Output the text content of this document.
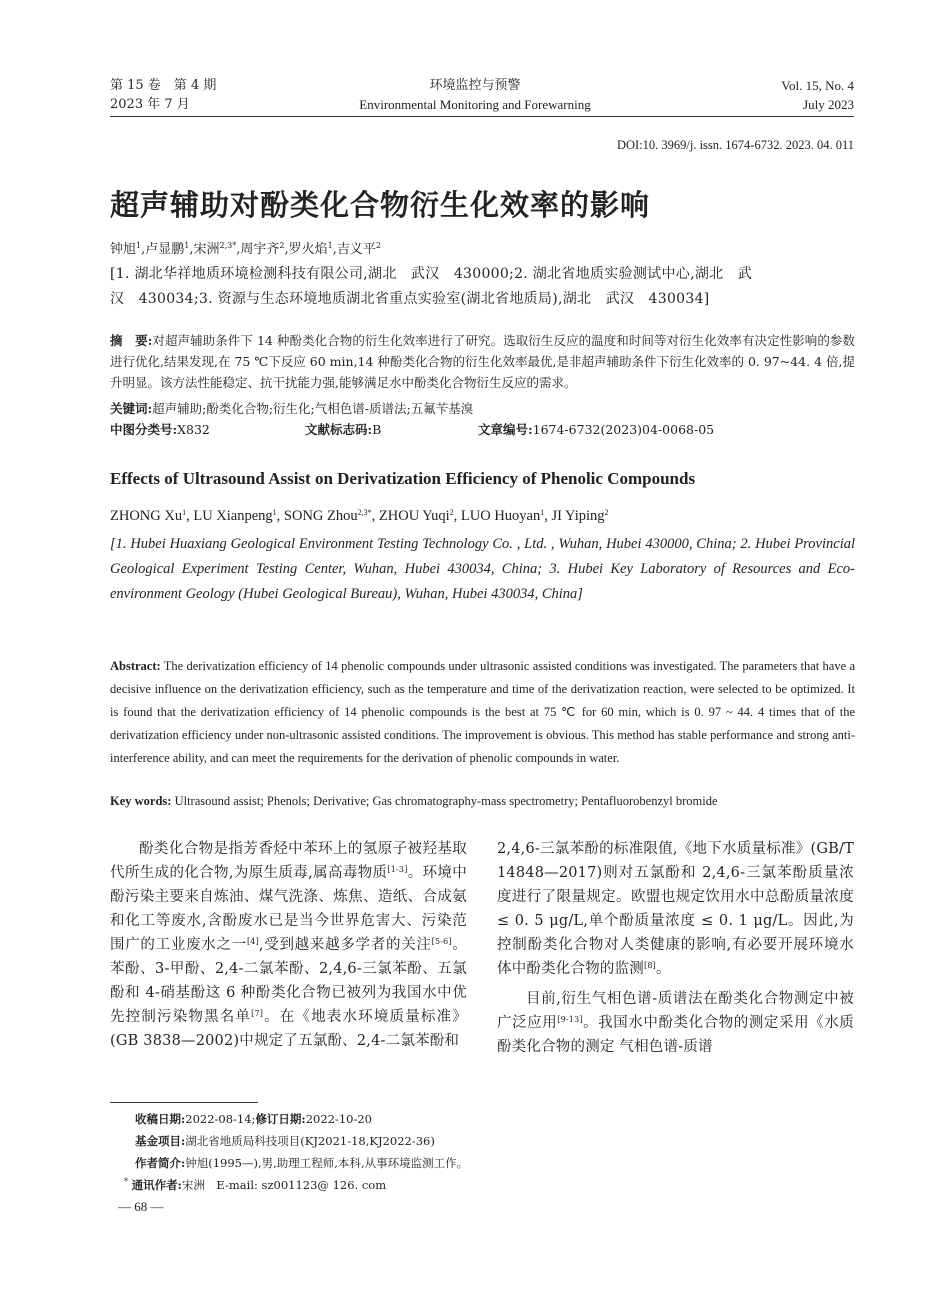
第 15 卷　第 4 期
2023 年 7 月
环境监控与预警
Environmental Monitoring and Forewarning
Vol. 15, No. 4
July 2023
DOI:10. 3969/j. issn. 1674-6732. 2023. 04. 011
超声辅助对酚类化合物衍生化效率的影响
钟旭$^1$,卢显鹏$^1$,宋洲$^{2,3*}$,周宇齐$^2$,罗火焰$^1$,吉义平$^2$
[1. 湖北华祥地质环境检测科技有限公司,湖北　武汉　430000;2. 湖北省地质实验测试中心,湖北　武
汉　430034;3. 资源与生态环境地质湖北省重点实验室(湖北省地质局),湖北　武汉　430034]
摘　要:对超声辅助条件下 14 种酚类化合物的衍生化效率进行了研究。选取衍生反应的温度和时间等对衍生化效率有决定性影响的参数进行优化,结果发现,在 75 ℃下反应 60 min,14 种酚类化合物的衍生化效率最优,是非超声辅助条件下衍生化效率的 0. 97~44. 4 倍,提升明显。该方法性能稳定、抗干扰能力强,能够满足水中酚类化合物衍生反应的需求。
关键词:超声辅助;酚类化合物;衍生化;气相色谱-质谱法;五氟苄基溴
中图分类号:X832	文献标志码:B	文章编号:1674-6732(2023)04-0068-05
Effects of Ultrasound Assist on Derivatization Efficiency of Phenolic Compounds
ZHONG Xu$^1$, LU Xianpeng$^1$, SONG Zhou$^{2,3*}$, ZHOU Yuqi$^2$, LUO Huoyan$^1$, JI Yiping$^2$
[1. Hubei Huaxiang Geological Environment Testing Technology Co. , Ltd. , Wuhan, Hubei 430000, China; 2. Hubei Provincial Geological Experiment Testing Center, Wuhan, Hubei 430034, China; 3. Hubei Key Laboratory of Resources and Eco-environment Geology (Hubei Geological Bureau), Wuhan, Hubei 430034, China]
Abstract: The derivatization efficiency of 14 phenolic compounds under ultrasonic assisted conditions was investigated. The parameters that have a decisive influence on the derivatization efficiency, such as the temperature and time of the derivatization reaction, were selected to be optimized. It is found that the derivatization efficiency of 14 phenolic compounds is the best at 75 ℃ for 60 min, which is 0. 97 ~ 44. 4 times that of the derivatization efficiency under non-ultrasonic assisted conditions. The improvement is obvious. This method has stable performance and strong anti-interference ability, and can meet the requirements for the derivation of phenolic compounds in water.
Key words: Ultrasound assist; Phenols; Derivative; Gas chromatography-mass spectrometry; Pentafluorobenzyl bromide

酚类化合物是指芳香烃中苯环上的氢原子被羟基取代所生成的化合物,为原生质毒,属高毒物质[1-3]。环境中酚污染主要来自炼油、煤气洗涤、炼焦、造纸、合成氨和化工等废水,含酚废水已是当今世界危害大、污染范围广的工业废水之一[4],受到越来越多学者的关注[5-6]。苯酚、3-甲酚、2,4-二氯苯酚、2,4,6-三氯苯酚、五氯酚和 4-硝基酚这 6 种酚类化合物已被列为我国水中优先控制污染物黑名单[7]。在《地表水环境质量标准》(GB 3838—2002)中规定了五氯酚、2,4-二氯苯酚和

2,4,6-三氯苯酚的标准限值,《地下水质量标准》(GB/T 14848—2017)则对五氯酚和 2,4,6-三氯苯酚质量浓度进行了限量规定。欧盟也规定饮用水中总酚质量浓度 ≤ 0. 5 μg/L,单个酚质量浓度 ≤ 0. 1 μg/L。因此,为控制酚类化合物对人类健康的影响,有必要开展环境水体中酚类化合物的监测[8]。

目前,衍生气相色谱-质谱法在酚类化合物测定中被广泛应用[9-13]。我国水中酚类化合物的测定采用《水质 酚类化合物的测定 气相色谱-质谱

收稿日期:2022-08-14;修订日期:2022-10-20
基金项目:湖北省地质局科技项目(KJ2021-18,KJ2022-36)
作者简介:钟旭(1995—),男,助理工程师,本科,从事环境监测工作。
* 通讯作者:宋洲　E-mail: sz001123@ 126. com
— 68 —
